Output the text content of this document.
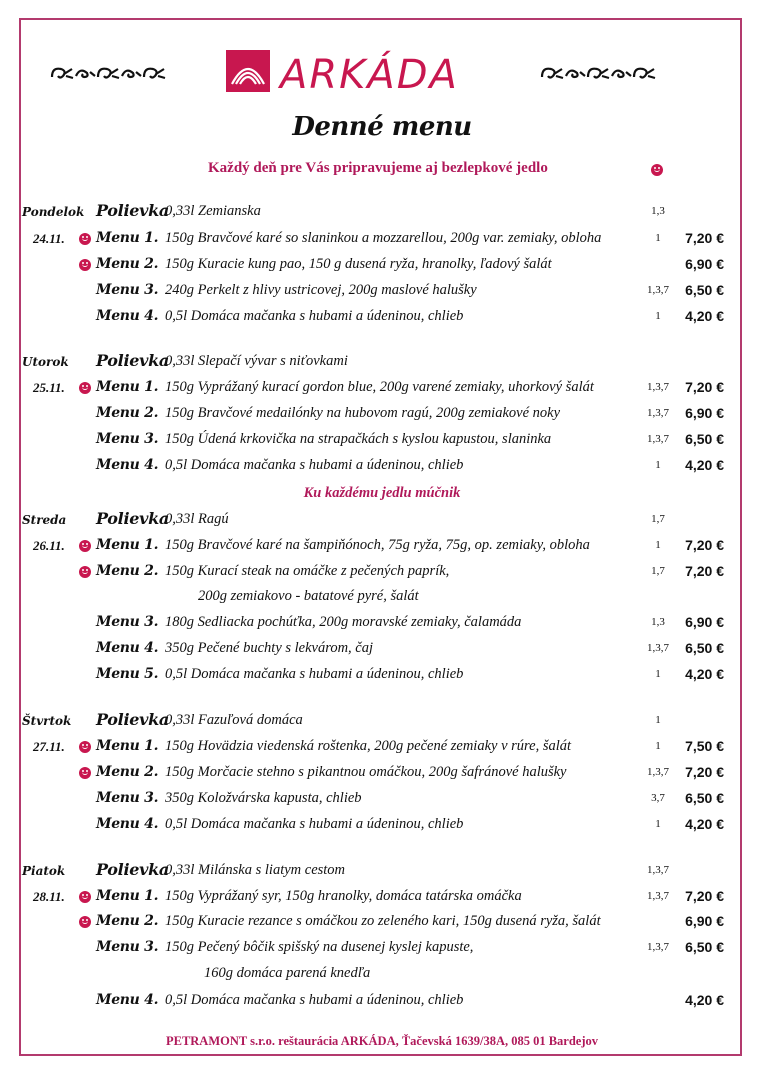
ARKÁDA
Denné menu
Každý deň pre Vás pripravujeme aj bezlepkové jedlo
Pondelok Polievka
0,33l Zemianska	1,3
24.11. Menu 1. 150g Bravčové karé so slaninkou a mozzarellou, 200g var. zemiaky, obloha	1	7,20 €
Menu 2. 150g Kuracie kung pao, 150 g dusená ryža, hranolky, ľadový šalát	6,90 €
Menu 3. 240g Perkelt z hlivy ustricovej, 200g maslové halušky	1,3,7	6,50 €
Menu 4. 0,5l Domáca mačanka s hubami a údeninou, chlieb	1	4,20 €
Utorok Polievka
0,33l Slepačí vývar s niťovkami
25.11. Menu 1. 150g Vyprážaný kurací gordon blue, 200g varené zemiaky, uhorkový šalát	1,3,7	7,20 €
Menu 2. 150g Bravčové medailónky na hubovom ragú, 200g zemiakové noky	1,3,7	6,90 €
Menu 3. 150g Údená krkovička na strapačkách s kyslou kapustou, slaninka	1,3,7	6,50 €
Menu 4. 0,5l Domáca mačanka s hubami a údeninou, chlieb	1	4,20 €
Streda Polievka
0,33l Ragú	1,7
26.11. Menu 1. 150g Bravčové karé na šampiňónoch, 75g ryža, 75g, op. zemiaky, obloha	1	7,20 €
Menu 2. 150g Kurací steak na omáčke z pečených paprík,	1,7	7,20 €
200g zemiakovo - batatové pyré, šalát
Menu 3. 180g Sedliacka pochúťka, 200g moravské zemiaky, čalamáda	1,3	6,90 €
Menu 4. 350g Pečené buchty s lekvárom, čaj	1,3,7	6,50 €
Menu 5. 0,5l Domáca mačanka s hubami a údeninou, chlieb	1	4,20 €
Štvrtok Polievka
0,33l Fazuľová domáca	1
27.11. Menu 1. 150g Hovädzia viedenská roštenka, 200g pečené zemiaky v rúre, šalát	1	7,50 €
Menu 2. 150g Morčacie stehno s pikantnou omáčkou, 200g šafránové halušky	1,3,7	7,20 €
Menu 3. 350g Koložvárska kapusta, chlieb	3,7	6,50 €
Menu 4. 0,5l Domáca mačanka s hubami a údeninou, chlieb	1	4,20 €
Piatok Polievka
0,33l Milánska s liatym cestom	1,3,7
28.11. Menu 1. 150g Vyprážaný syr, 150g hranolky, domáca tatárska omáčka	1,3,7	7,20 €
Menu 2. 150g Kuracie rezance s omáčkou zo zeleného kari, 150g dusená ryža, šalát	6,90 €
Menu 3. 150g Pečený bôčik spišský na dusenej kyslej kapuste,	1,3,7	6,50 €
160g domáca parená knedľa
Menu 4. 0,5l Domáca mačanka s hubami a údeninou, chlieb	4,20 €
Ku každému jedlu múčnik
PETRAMONT s.r.o. reštaurácia ARKÁDA, Ťačevská 1639/38A, 085 01 Bardejov
